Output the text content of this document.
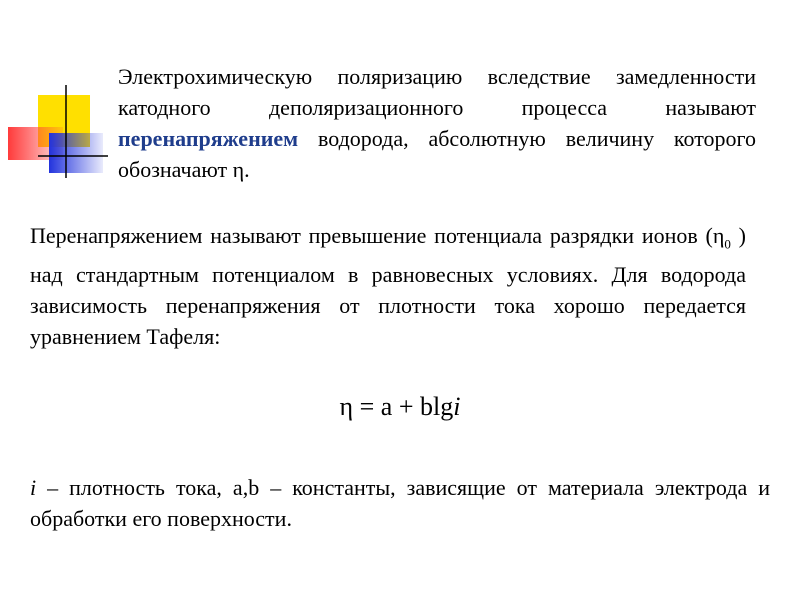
Электрохимическую поляризацию вследствие замедленности катодного деполяризационного процесса называют перенапряжением водорода, абсолютную величину которого обозначают η.
Перенапряжением называют превышение потенциала разрядки ионов ($\eta_0$ ) над стандартным потенциалом в равновесных условиях. Для водорода зависимость перенапряжения от плотности тока хорошо передается уравнением Тафеля:
η = a + blgi
i – плотность тока, a,b – константы, зависящие от материала электрода и обработки его поверхности.
